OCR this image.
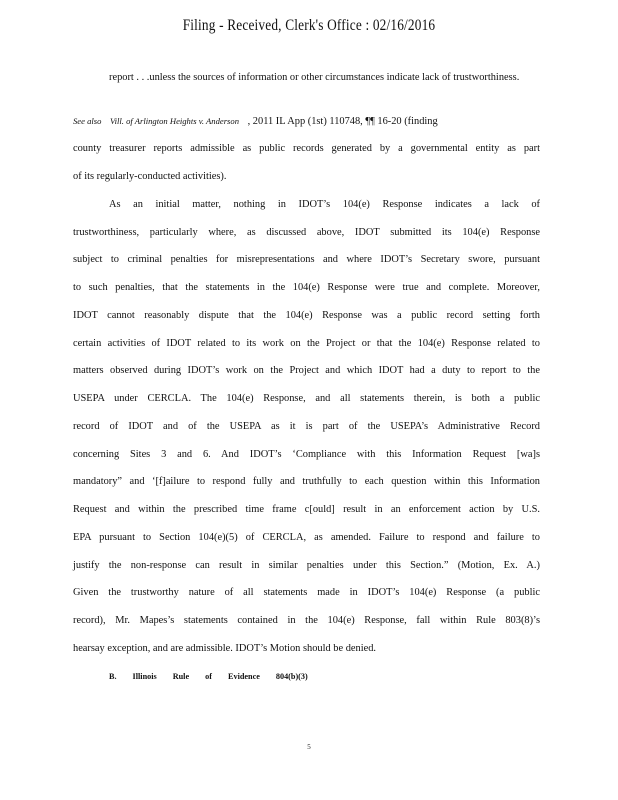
Filing - Received, Clerk's Office : 02/16/2016
report . . .unless the sources of information or other circumstances indicate lack of trustworthiness.
See also Vill. of Arlington Heights v. Anderson , 2011 IL App (1st) 110748, ¶¶ 16-20 (finding
county treasurer reports admissible as public records generated by a governmental entity as part
of its regularly-conducted activities).
As an initial matter, nothing in IDOT’s 104(e) Response indicates a lack of
trustworthiness, particularly where, as discussed above, IDOT submitted its 104(e) Response
subject to criminal penalties for misrepresentations and where IDOT’s Secretary swore, pursuant
to such penalties, that the statements in the 104(e) Response were true and complete. Moreover,
IDOT cannot reasonably dispute that the 104(e) Response was a public record setting forth
certain activities of IDOT related to its work on the Project or that the 104(e) Response related to
matters observed during IDOT’s work on the Project and which IDOT had a duty to report to the
USEPA under CERCLA. The 104(e) Response, and all statements therein, is both a public
record of IDOT and of the USEPA as it is part of the USEPA’s Administrative Record
concerning Sites 3 and 6. And IDOT’s ‘Compliance with this Information Request [wa]s
mandatory” and ‘[f]ailure to respond fully and truthfully to each question within this Information
Request and within the prescribed time frame c[ould] result in an enforcement action by U.S.
EPA pursuant to Section 104(e)(5) of CERCLA, as amended. Failure to respond and failure to
justify the non-response can result in similar penalties under this Section.” (Motion, Ex. A.)
Given the trustworthy nature of all statements made in IDOT’s 104(e) Response (a public
record), Mr. Mapes’s statements contained in the 104(e) Response, fall within Rule 803(8)’s
hearsay exception, and are admissible. IDOT’s Motion should be denied.
B. Illinois Rule of Evidence 804(b)(3)
5
